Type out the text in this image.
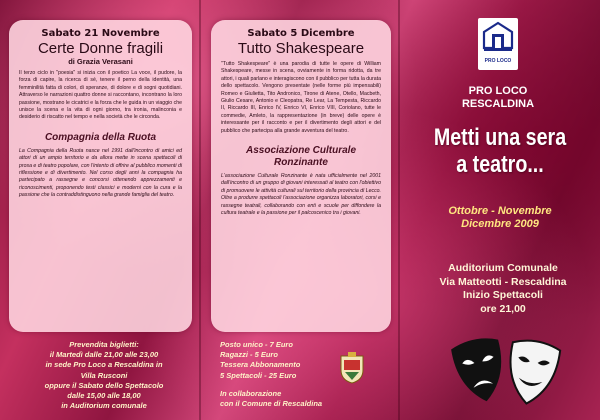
Sabato 21 Novembre
Certe Donne fragili
di Grazia Verasani
Il terzo ciclo in "poesia" si inizia con il poetico La voce, il pudore, la forza di capire, la ricerca di sé, tenere il perno della identità, una femminilità fatta di colori, di speranze, di dolore e di sogni quotidiani. Attraverso le narrazioni quattro donne si raccontano, incontrano la loro passione, mostrano le cicatrici e la forza che le guida in un viaggio che unisce la scena e la vita di ogni giorno, tra ironia, malinconia e desiderio di riscatto nel tempo e nella società che le circonda.
Compagnia della Ruota
La Compagnia della Ruota nasce nel 1991 dall'incontro di amici ed attori di un ampio territorio e da allora mette in scena spettacoli di prosa e di teatro popolare, con l'intento di offrire al pubblico momenti di riflessione e di divertimento. Nel corso degli anni la compagnia ha partecipato a rassegne e concorsi ottenendo apprezzamenti e riconoscimenti, proponendo testi classici e moderni con la cura e la passione che la contraddistinguono nella grande famiglia del teatro.
Sabato 5 Dicembre
Tutto Shakespeare
"Tutto Shakespeare" è una parodia di tutte le opere di William Shakespeare, messe in scena, ovviamente in forma ridotta, da tre attori, i quali parlano e interagiscono con il pubblico per tutta la durata dello spettacolo. Vengono presentate (nelle forme più impensabili) Romeo e Giulietta, Tito Andronico, Tirone di Atene, Otello, Macbeth, Giulio Cesare, Antonio e Cleopatra, Re Lear, La Tempesta, Riccardo II, Riccardo III, Enrico IV, Enrico VI, Enrico VIII, Coriolano, tutte le commedie, Amleto, la rappresentazione (in breve) delle opere è interessante per il racconto e per il divertimento degli attori e del pubblico che partecipa alla grande avventura del teatro.
Associazione Culturale Ronzinante
L'associazione Culturale Ronzinante è nata ufficialmente nel 2001 dall'incontro di un gruppo di giovani interessati al teatro con l'obiettivo di promuovere le attività culturali sul territorio della provincia di Lecco. Oltre a produrre spettacoli l'associazione organizza laboratori, corsi e rassegne teatrali, collaborando con enti e scuole per diffondere la cultura teatrale e la passione per il palcoscenico tra i giovani.
Prevendita biglietti:
il Martedì dalle 21,00 alle 23,00
in sede Pro Loco a Rescaldina in
Villa Rusconi
oppure il Sabato dello Spettacolo
dalle 15,00 alle 18,00
in Auditorium comunale
Posto unico - 7 Euro
Ragazzi - 5 Euro
Tessera Abbonamento
5 Spettacoli - 25 Euro
In collaborazione
con il Comune di Rescaldina
PRO LOCO
PRO LOCO RESCALDINA
Metti una sera a teatro...
Ottobre - Novembre Dicembre 2009
Auditorium Comunale
Via Matteotti - Rescaldina
Inizio Spettacoli
ore 21,00
